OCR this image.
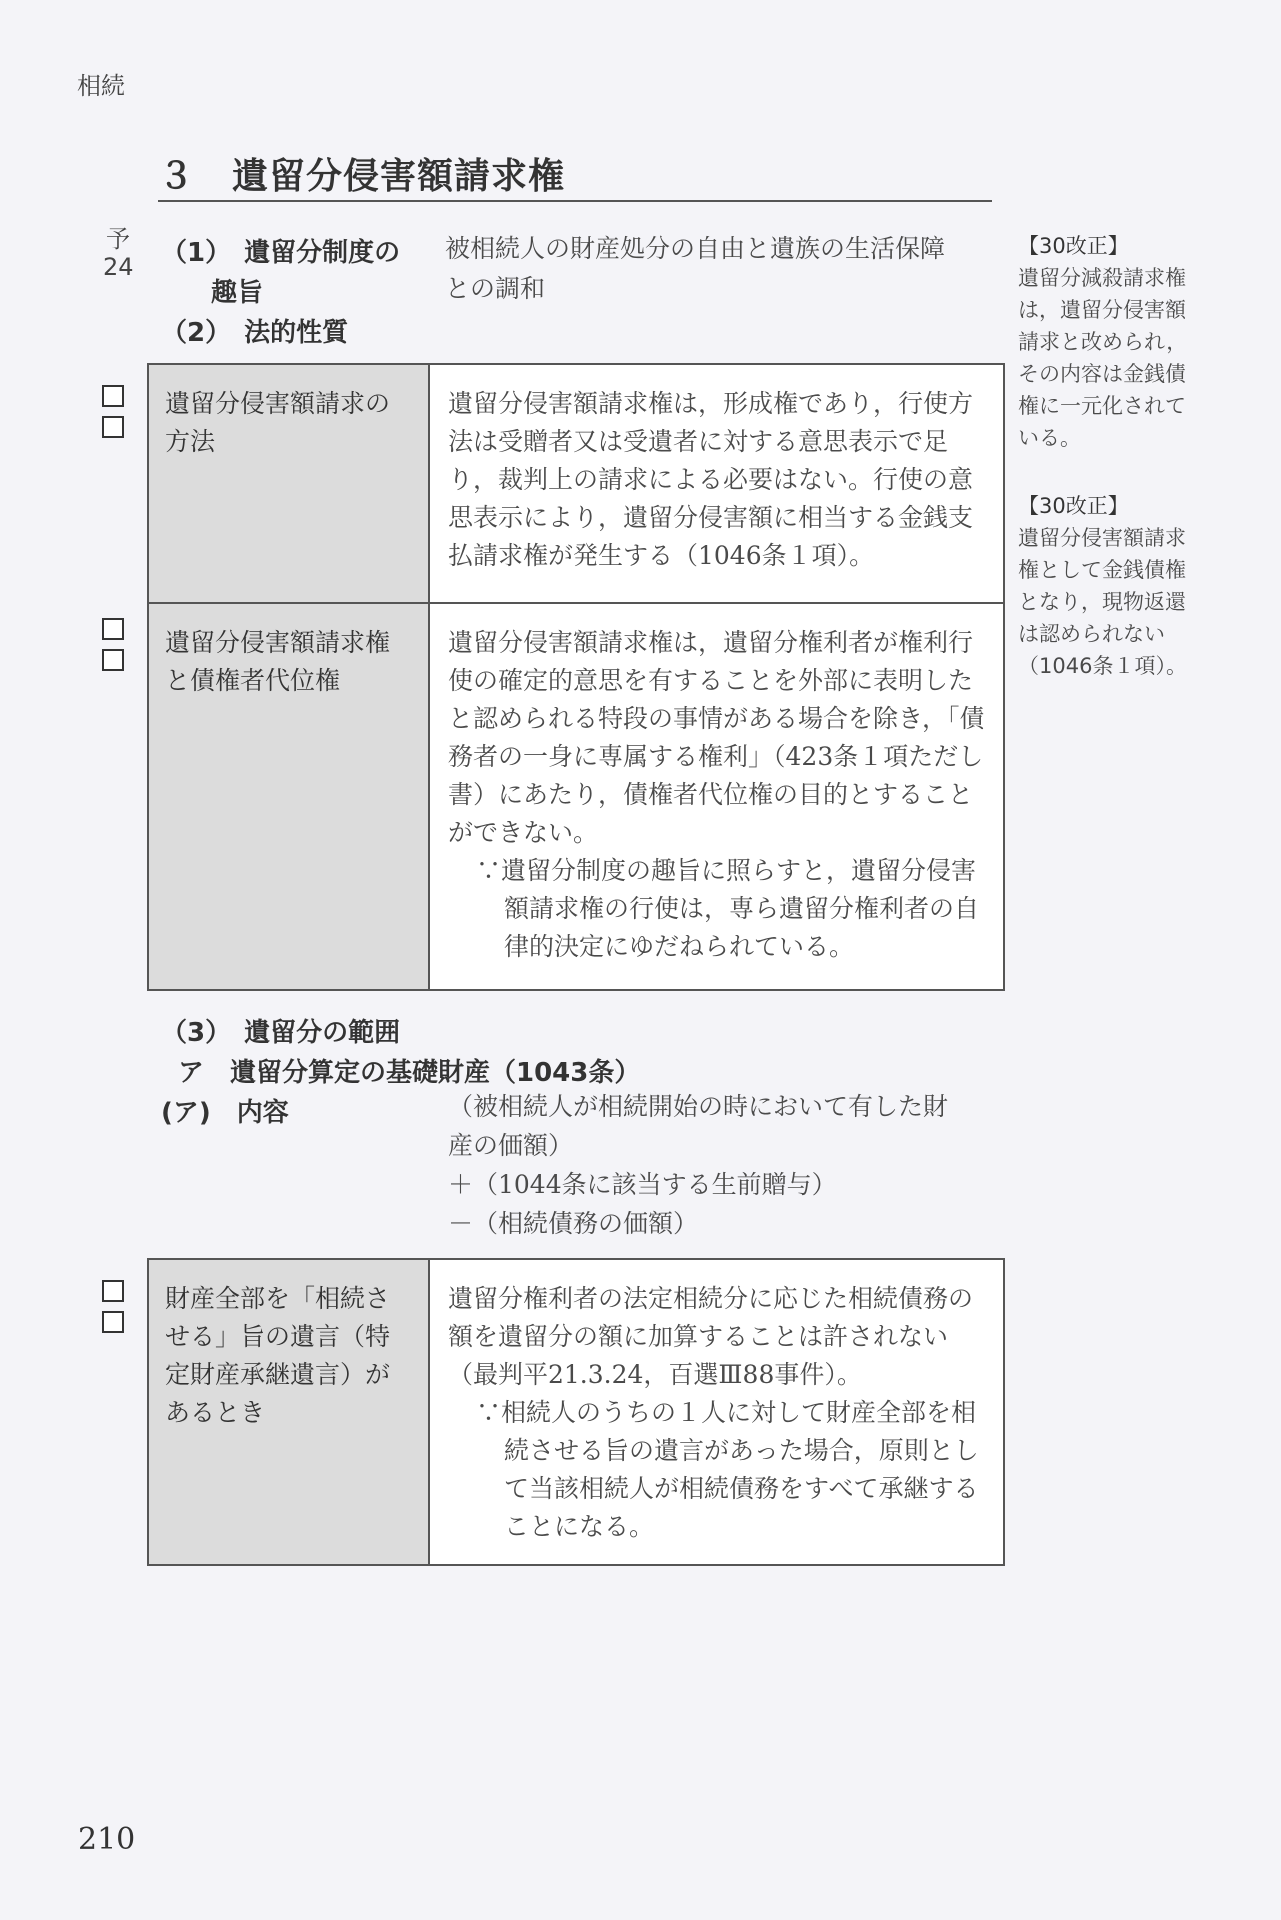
相続
３　遺留分侵害額請求権
予
24 （1）　遺留分制度の
趣旨
被相続人の財産処分の自由と遺族の生活保障
との調和
（2）　法的性質
遺留分侵害額請求の方法
遺留分侵害額請求権は，形成権であり，行使方法は受贈者又は受遺者に対する意思表示で足り，裁判上の請求による必要はない。行使の意思表示により，遺留分侵害額に相当する金銭支払請求権が発生する（1046条１項）。
遺留分侵害額請求権と債権者代位権
遺留分侵害額請求権は，遺留分権利者が権利行使の確定的意思を有することを外部に表明したと認められる特段の事情がある場合を除き，「債務者の一身に専属する権利」（423条１項ただし書）にあたり，債権者代位権の目的とすることができない。
∵遺留分制度の趣旨に照らすと，遺留分侵害額請求権の行使は，専ら遺留分権利者の自律的決定にゆだねられている。
（3）　遺留分の範囲
ア　遺留分算定の基礎財産（1043条）
(ア)　内容	（被相続人が相続開始の時において有した財
産の価額）
＋（1044条に該当する生前贈与）
－（相続債務の価額）
財産全部を「相続させる」旨の遺言（特定財産承継遺言）があるとき
遺留分権利者の法定相続分に応じた相続債務の額を遺留分の額に加算することは許されない（最判平21.3.24，百選Ⅲ88事件）。
∵相続人のうちの１人に対して財産全部を相続させる旨の遺言があった場合，原則として当該相続人が相続債務をすべて承継することになる。
【30改正】
遺留分減殺請求権は，遺留分侵害額請求と改められ，その内容は金銭債権に一元化されている。
【30改正】
遺留分侵害額請求権として金銭債権となり，現物返還は認められない（1046条１項）。
210
